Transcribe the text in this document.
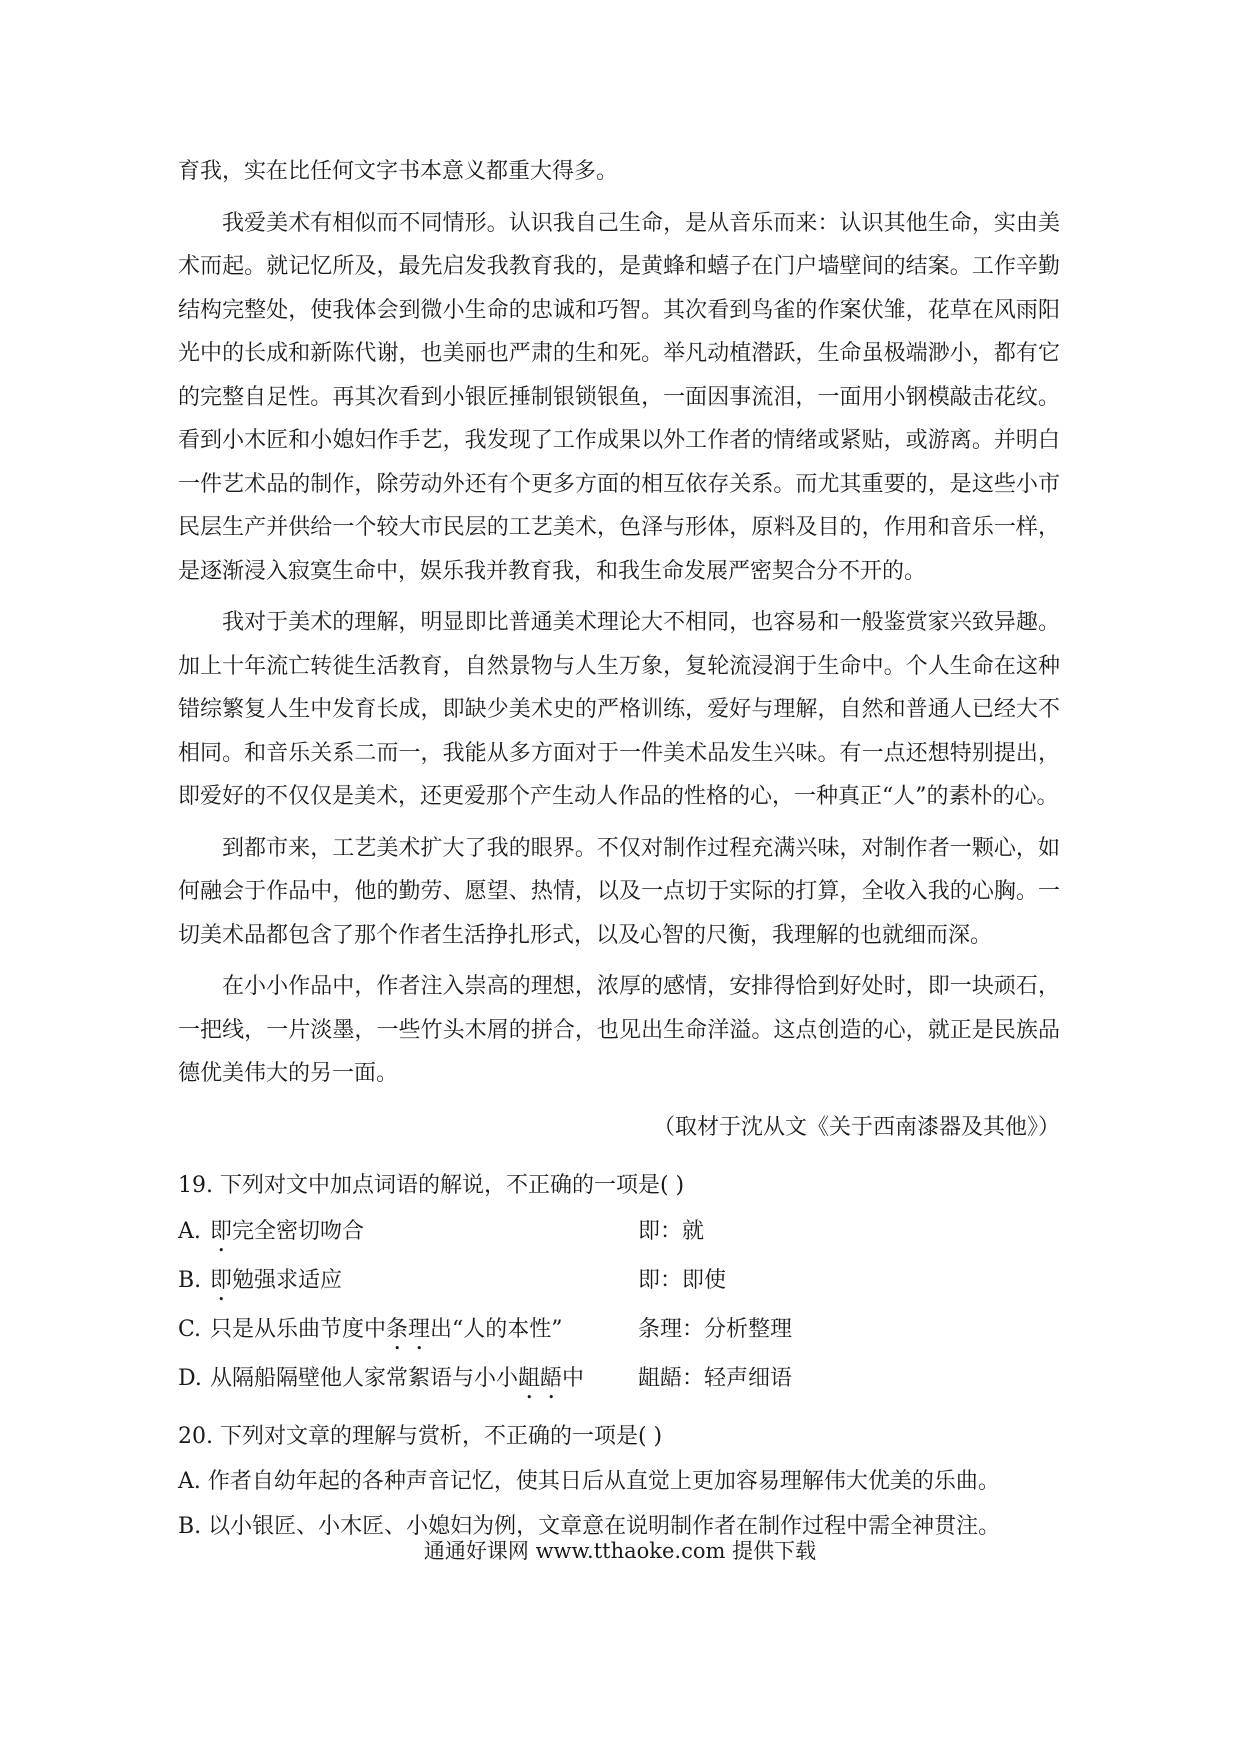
育我，实在比任何文字书本意义都重大得多。

我爱美术有相似而不同情形。认识我自己生命，是从音乐而来：认识其他生命，实由美术而起。就记忆所及，最先启发我教育我的，是黄蜂和蟢子在门户墙壁间的结案。工作辛勤结构完整处，使我体会到微小生命的忠诚和巧智。其次看到鸟雀的作案伏雏，花草在风雨阳光中的长成和新陈代谢，也美丽也严肃的生和死。举凡动植潜跃，生命虽极端渺小，都有它的完整自足性。再其次看到小银匠捶制银锁银鱼，一面因事流泪，一面用小钢模敲击花纹。看到小木匠和小媳妇作手艺，我发现了工作成果以外工作者的情绪或紧贴，或游离。并明白一件艺术品的制作，除劳动外还有个更多方面的相互依存关系。而尤其重要的，是这些小市民层生产并供给一个较大市民层的工艺美术，色泽与形体，原料及目的，作用和音乐一样，是逐渐浸入寂寞生命中，娱乐我并教育我，和我生命发展严密契合分不开的。

我对于美术的理解，明显即比普通美术理论大不相同，也容易和一般鉴赏家兴致异趣。加上十年流亡转徙生活教育，自然景物与人生万象，复轮流浸润于生命中。个人生命在这种错综繁复人生中发育长成，即缺少美术史的严格训练，爱好与理解，自然和普通人已经大不相同。和音乐关系二而一，我能从多方面对于一件美术品发生兴味。有一点还想特别提出，即爱好的不仅仅是美术，还更爱那个产生动人作品的性格的心，一种真正“人”的素朴的心。

到都市来，工艺美术扩大了我的眼界。不仅对制作过程充满兴味，对制作者一颗心，如何融会于作品中，他的勤劳、愿望、热情，以及一点切于实际的打算，全收入我的心胸。一切美术品都包含了那个作者生活挣扎形式，以及心智的尺衡，我理解的也就细而深。

在小小作品中，作者注入崇高的理想，浓厚的感情，安排得恰到好处时，即一块顽石，一把线，一片淡墨，一些竹头木屑的拼合，也见出生命洋溢。这点创造的心，就正是民族品德优美伟大的另一面。

（取材于沈从文《关于西南漆器及其他》）

19. 下列对文中加点词语的解说，不正确的一项是( )

A. 即完全密切吻合	即：就
B. 即勉强求适应	即：即使
C. 只是从乐曲节度中条理出“人的本性”	条理：分析整理
D. 从隔船隔壁他人家常絮语与小小龃龉中 龃龉：轻声细语

20. 下列对文章的理解与赏析，不正确的一项是( )

A. 作者自幼年起的各种声音记忆，使其日后从直觉上更加容易理解伟大优美的乐曲。

B. 以小银匠、小木匠、小媳妇为例，文章意在说明制作者在制作过程中需全神贯注。

通通好课网 www.tthaoke.com 提供下载
